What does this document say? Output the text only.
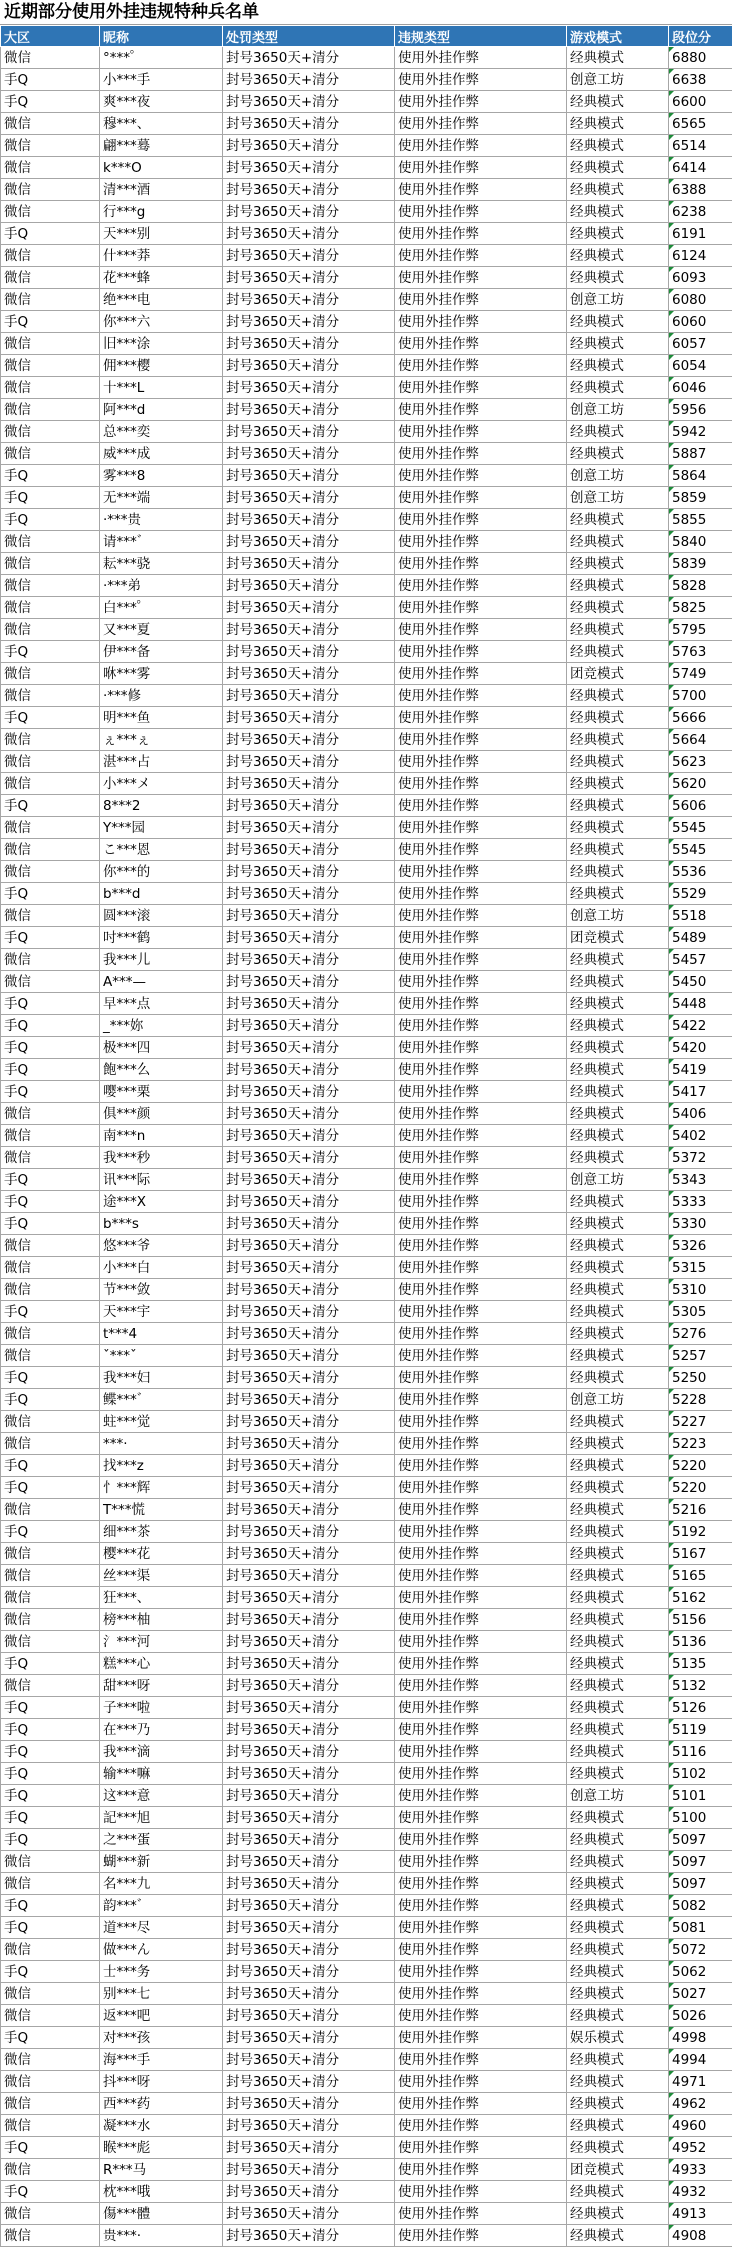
近期部分使用外挂违规特种兵名单
大区	昵称	处罚类型	违规类型	游戏模式	段位分
微信	°***゜	封号3650天+清分	使用外挂作弊	经典模式	6880
手Q	小***手	封号3650天+清分	使用外挂作弊	创意工坊	6638
手Q	爽***夜	封号3650天+清分	使用外挂作弊	经典模式	6600
微信	穆***、	封号3650天+清分	使用外挂作弊	经典模式	6565
微信	翩***蓦	封号3650天+清分	使用外挂作弊	经典模式	6514
微信	k***O	封号3650天+清分	使用外挂作弊	经典模式	6414
微信	清***酒	封号3650天+清分	使用外挂作弊	经典模式	6388
微信	行***g	封号3650天+清分	使用外挂作弊	经典模式	6238
手Q	天***别	封号3650天+清分	使用外挂作弊	经典模式	6191
微信	什***莽	封号3650天+清分	使用外挂作弊	经典模式	6124
微信	花***蜂	封号3650天+清分	使用外挂作弊	经典模式	6093
微信	绝***电	封号3650天+清分	使用外挂作弊	创意工坊	6080
手Q	你***六	封号3650天+清分	使用外挂作弊	经典模式	6060
微信	旧***涂	封号3650天+清分	使用外挂作弊	经典模式	6057
微信	佣***樱	封号3650天+清分	使用外挂作弊	经典模式	6054
微信	十***L	封号3650天+清分	使用外挂作弊	经典模式	6046
微信	阿***d	封号3650天+清分	使用外挂作弊	创意工坊	5956
微信	总***奕	封号3650天+清分	使用外挂作弊	经典模式	5942
微信	威***成	封号3650天+清分	使用外挂作弊	经典模式	5887
手Q	雾***8	封号3650天+清分	使用外挂作弊	创意工坊	5864
手Q	无***端	封号3650天+清分	使用外挂作弊	创意工坊	5859
手Q	·***贵	封号3650天+清分	使用外挂作弊	经典模式	5855
微信	请***゛	封号3650天+清分	使用外挂作弊	经典模式	5840
微信	耘***骁	封号3650天+清分	使用外挂作弊	经典模式	5839
微信	·***弟	封号3650天+清分	使用外挂作弊	经典模式	5828
微信	白***゜	封号3650天+清分	使用外挂作弊	经典模式	5825
微信	又***夏	封号3650天+清分	使用外挂作弊	经典模式	5795
手Q	伊***备	封号3650天+清分	使用外挂作弊	经典模式	5763
微信	咻***雾	封号3650天+清分	使用外挂作弊	团竞模式	5749
微信	·***修	封号3650天+清分	使用外挂作弊	经典模式	5700
手Q	明***鱼	封号3650天+清分	使用外挂作弊	经典模式	5666
微信	ぇ***ぇ	封号3650天+清分	使用外挂作弊	经典模式	5664
微信	湛***占	封号3650天+清分	使用外挂作弊	经典模式	5623
微信	小***メ	封号3650天+清分	使用外挂作弊	经典模式	5620
手Q	8***2	封号3650天+清分	使用外挂作弊	经典模式	5606
微信	Y***园	封号3650天+清分	使用外挂作弊	经典模式	5545
微信	こ***恩	封号3650天+清分	使用外挂作弊	经典模式	5545
微信	你***的	封号3650天+清分	使用外挂作弊	经典模式	5536
手Q	b***d	封号3650天+清分	使用外挂作弊	经典模式	5529
微信	圆***滚	封号3650天+清分	使用外挂作弊	创意工坊	5518
手Q	吋***鹤	封号3650天+清分	使用外挂作弊	团竞模式	5489
微信	我***儿	封号3650天+清分	使用外挂作弊	经典模式	5457
微信	A***—	封号3650天+清分	使用外挂作弊	经典模式	5450
手Q	早***点	封号3650天+清分	使用外挂作弊	经典模式	5448
手Q	_***妳	封号3650天+清分	使用外挂作弊	经典模式	5422
手Q	极***四	封号3650天+清分	使用外挂作弊	经典模式	5420
手Q	飽***么	封号3650天+清分	使用外挂作弊	经典模式	5419
手Q	嘤***栗	封号3650天+清分	使用外挂作弊	经典模式	5417
微信	俱***颜	封号3650天+清分	使用外挂作弊	经典模式	5406
微信	南***n	封号3650天+清分	使用外挂作弊	经典模式	5402
微信	我***秒	封号3650天+清分	使用外挂作弊	经典模式	5372
手Q	讯***际	封号3650天+清分	使用外挂作弊	创意工坊	5343
手Q	途***X	封号3650天+清分	使用外挂作弊	经典模式	5333
手Q	b***s	封号3650天+清分	使用外挂作弊	经典模式	5330
微信	悠***爷	封号3650天+清分	使用外挂作弊	经典模式	5326
微信	小***白	封号3650天+清分	使用外挂作弊	经典模式	5315
微信	节***敛	封号3650天+清分	使用外挂作弊	经典模式	5310
手Q	天***宇	封号3650天+清分	使用外挂作弊	经典模式	5305
微信	t***4	封号3650天+清分	使用外挂作弊	经典模式	5276
微信	ˇ***ˇ	封号3650天+清分	使用外挂作弊	经典模式	5257
手Q	我***妇	封号3650天+清分	使用外挂作弊	经典模式	5250
手Q	鲽***゛	封号3650天+清分	使用外挂作弊	创意工坊	5228
微信	蛀***觉	封号3650天+清分	使用外挂作弊	经典模式	5227
微信	***·	封号3650天+清分	使用外挂作弊	经典模式	5223
手Q	找***z	封号3650天+清分	使用外挂作弊	经典模式	5220
手Q	忄***辉	封号3650天+清分	使用外挂作弊	经典模式	5220
微信	T***慌	封号3650天+清分	使用外挂作弊	经典模式	5216
手Q	细***茶	封号3650天+清分	使用外挂作弊	经典模式	5192
微信	樱***花	封号3650天+清分	使用外挂作弊	经典模式	5167
微信	丝***渠	封号3650天+清分	使用外挂作弊	经典模式	5165
微信	狂***、	封号3650天+清分	使用外挂作弊	经典模式	5162
微信	榜***柚	封号3650天+清分	使用外挂作弊	经典模式	5156
微信	氵***河	封号3650天+清分	使用外挂作弊	经典模式	5136
手Q	糕***心	封号3650天+清分	使用外挂作弊	经典模式	5135
微信	甜***呀	封号3650天+清分	使用外挂作弊	经典模式	5132
手Q	子***啦	封号3650天+清分	使用外挂作弊	经典模式	5126
手Q	在***乃	封号3650天+清分	使用外挂作弊	经典模式	5119
手Q	我***滴	封号3650天+清分	使用外挂作弊	经典模式	5116
手Q	输***嘛	封号3650天+清分	使用外挂作弊	经典模式	5102
手Q	这***意	封号3650天+清分	使用外挂作弊	创意工坊	5101
手Q	記***旭	封号3650天+清分	使用外挂作弊	经典模式	5100
手Q	之***蛋	封号3650天+清分	使用外挂作弊	经典模式	5097
微信	蝴***新	封号3650天+清分	使用外挂作弊	经典模式	5097
微信	名***九	封号3650天+清分	使用外挂作弊	经典模式	5097
手Q	韵***゛	封号3650天+清分	使用外挂作弊	经典模式	5082
手Q	道***尽	封号3650天+清分	使用外挂作弊	经典模式	5081
微信	做***ん	封号3650天+清分	使用外挂作弊	经典模式	5072
手Q	士***务	封号3650天+清分	使用外挂作弊	经典模式	5062
微信	别***七	封号3650天+清分	使用外挂作弊	经典模式	5027
微信	返***吧	封号3650天+清分	使用外挂作弊	经典模式	5026
手Q	对***孩	封号3650天+清分	使用外挂作弊	娱乐模式	4998
微信	海***手	封号3650天+清分	使用外挂作弊	经典模式	4994
微信	抖***呀	封号3650天+清分	使用外挂作弊	经典模式	4971
微信	西***药	封号3650天+清分	使用外挂作弊	经典模式	4962
微信	凝***水	封号3650天+清分	使用外挂作弊	经典模式	4960
手Q	睺***彪	封号3650天+清分	使用外挂作弊	经典模式	4952
微信	R***马	封号3650天+清分	使用外挂作弊	团竞模式	4933
手Q	枕***哦	封号3650天+清分	使用外挂作弊	经典模式	4932
微信	傷***體	封号3650天+清分	使用外挂作弊	经典模式	4913
微信	贵***·	封号3650天+清分	使用外挂作弊	经典模式	4908
